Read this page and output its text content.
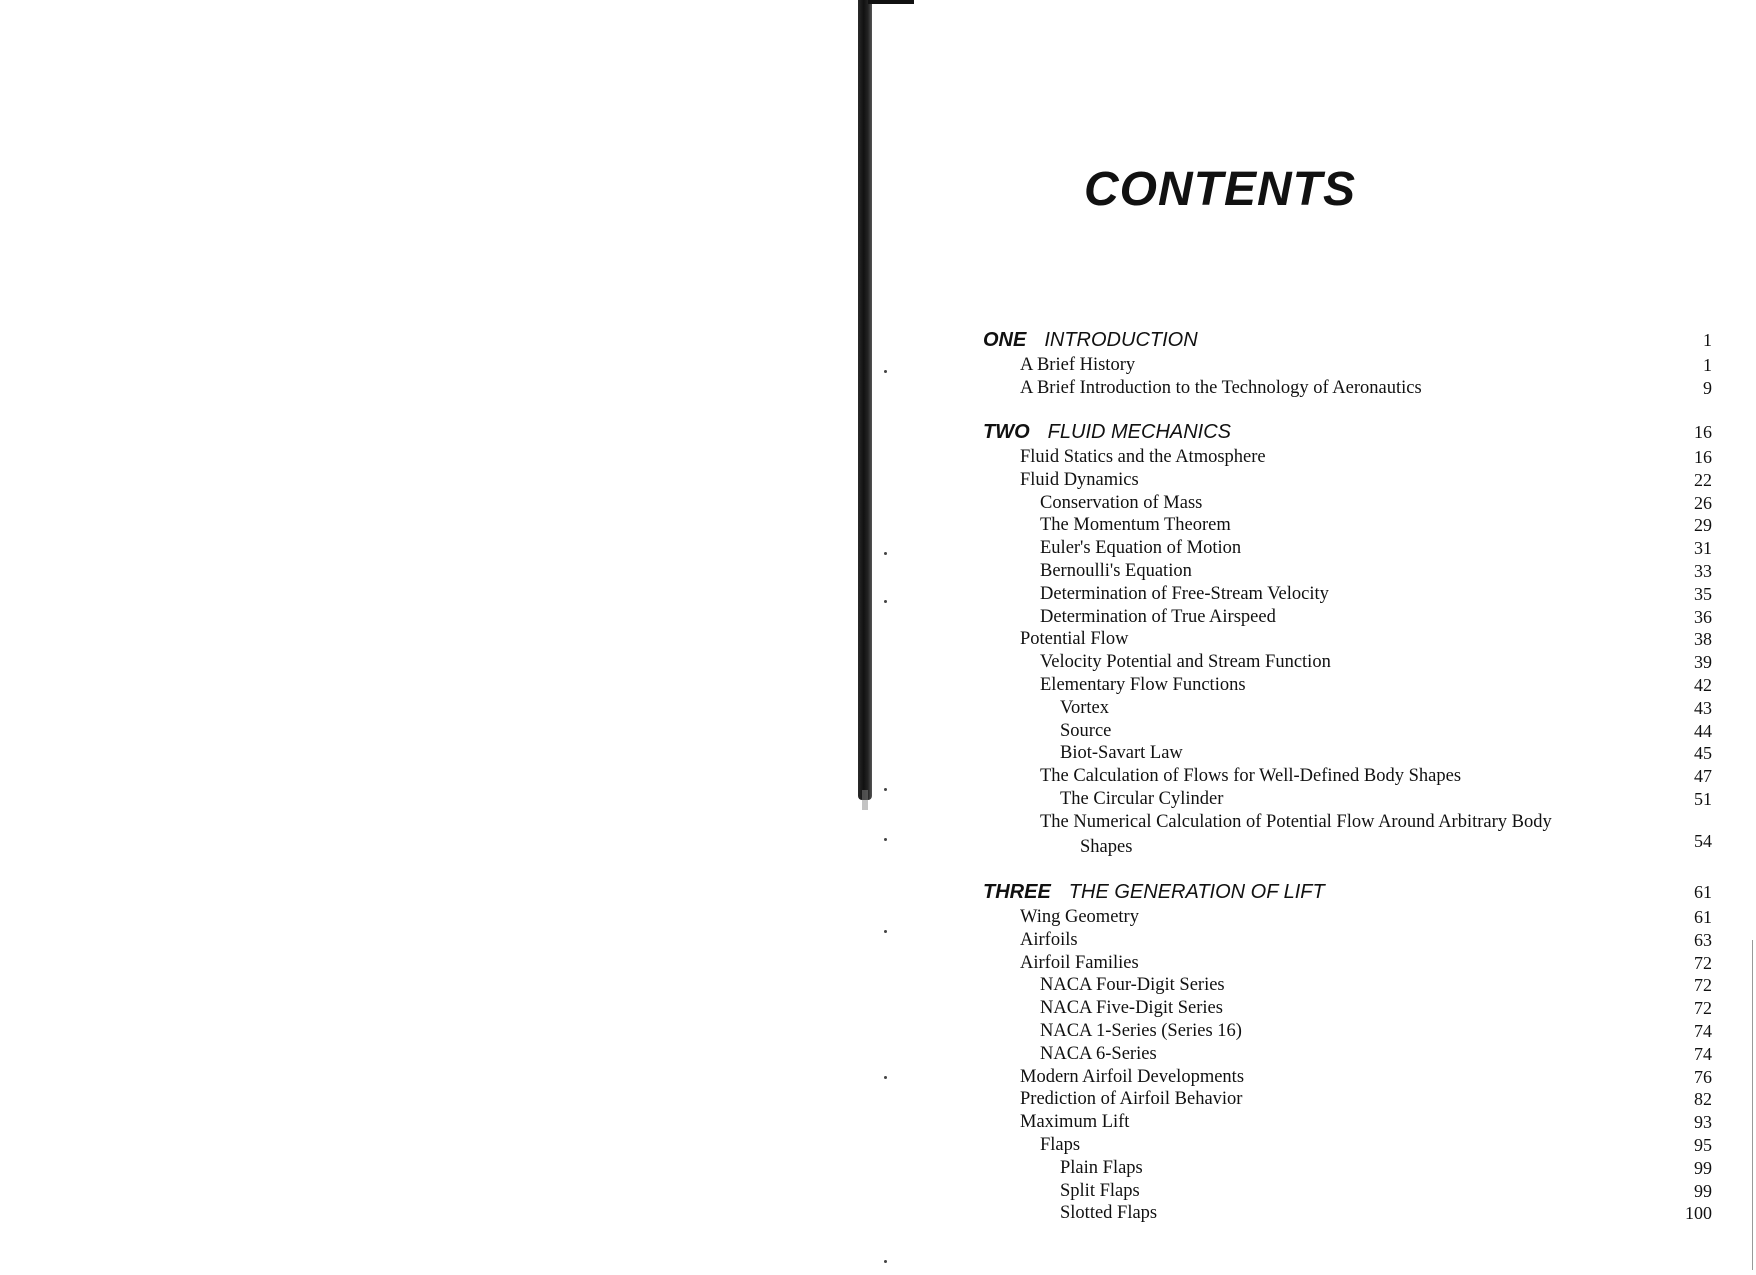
CONTENTS
ONE INTRODUCTION	1
A Brief History	1
A Brief Introduction to the Technology of Aeronautics	9
TWO FLUID MECHANICS	16
Fluid Statics and the Atmosphere	16
Fluid Dynamics	22
Conservation of Mass	26
The Momentum Theorem	29
Euler's Equation of Motion	31
Bernoulli's Equation	33
Determination of Free-Stream Velocity	35
Determination of True Airspeed	36
Potential Flow	38
Velocity Potential and Stream Function	39
Elementary Flow Functions	42
Vortex	43
Source	44
Biot-Savart Law	45
The Calculation of Flows for Well-Defined Body Shapes	47
The Circular Cylinder	51
The Numerical Calculation of Potential Flow Around Arbitrary Body
Shapes	54
THREE THE GENERATION OF LIFT	61
Wing Geometry	61
Airfoils	63
Airfoil Families	72
NACA Four-Digit Series	72
NACA Five-Digit Series	72
NACA 1-Series (Series 16)	74
NACA 6-Series	74
Modern Airfoil Developments	76
Prediction of Airfoil Behavior	82
Maximum Lift	93
Flaps	95
Plain Flaps	99
Split Flaps	99
Slotted Flaps	100
